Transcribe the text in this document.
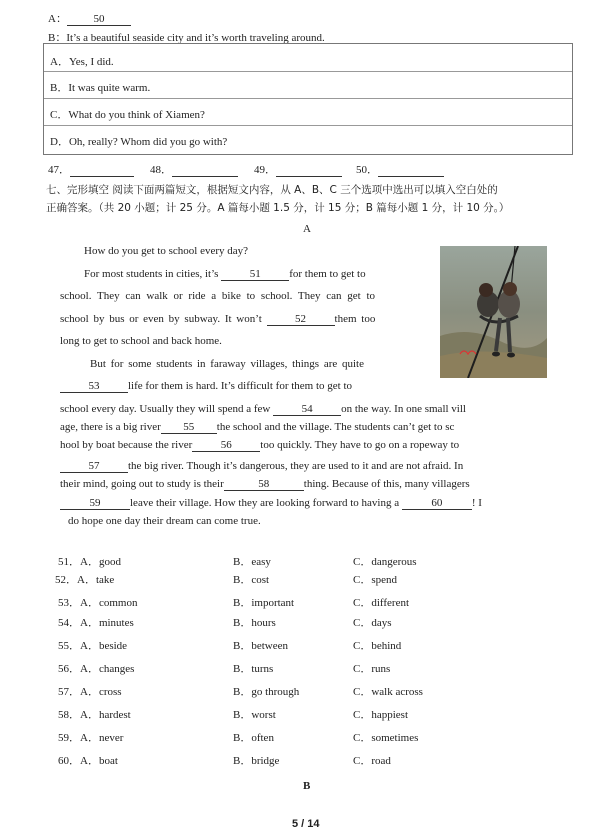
A： 50
B：It’s a beautiful seaside city and it’s worth traveling around.
A．Yes, I did.
B．It was quite warm.
C．What do you think of Xiamen?
D．Oh, really? Whom did you go with?
47．	48．	49．	50．
七、完形填空 阅读下面两篇短文，根据短文内容，从 A、B、C 三个选项中选出可以填入空白处的
正确答案。（共 20 小题；计 25 分。A 篇每小题 1.5 分，计 15 分；B 篇每小题 1 分，计 10 分。）
A
How do you get to school every day?
For most students in cities, it’s	51	for them to get to
school. They can walk or ride a bike to school. They can get to
school by bus or even by subway. It won’t	52	them too
long to get to school and back home.
But for some students in faraway villages, things are quite
53	life for them is hard. It’s difficult for them to get to
school every day. Usually they will spend a few	54	on the way. In one small vill
age, there is a big river 55 the school and the village. The students can’t get to sc
hool by boat because the river	56	too quickly. They have to go on a ropeway to
57	the big river. Though it’s dangerous, they are used to it and are not afraid. In
their mind, going out to study is their	58	thing. Because of this, many villagers
59	leave their village. How they are looking forward to having a	60	! I
do hope one day their dream can come true.
51．A．good	B．easy	C．dangerous
52．A．take	B．cost	C．spend
53．A．common	B．important	C．different
54．A．minutes	B．hours	C．days
55．A．beside	B．between	C．behind
56．A．changes	B．turns	C．runs
57．A．cross	B．go through	C．walk across
58．A．hardest	B．worst	C．happiest
59．A．never	B．often	C．sometimes
60．A．boat	B．bridge	C．road
B
5 / 14
